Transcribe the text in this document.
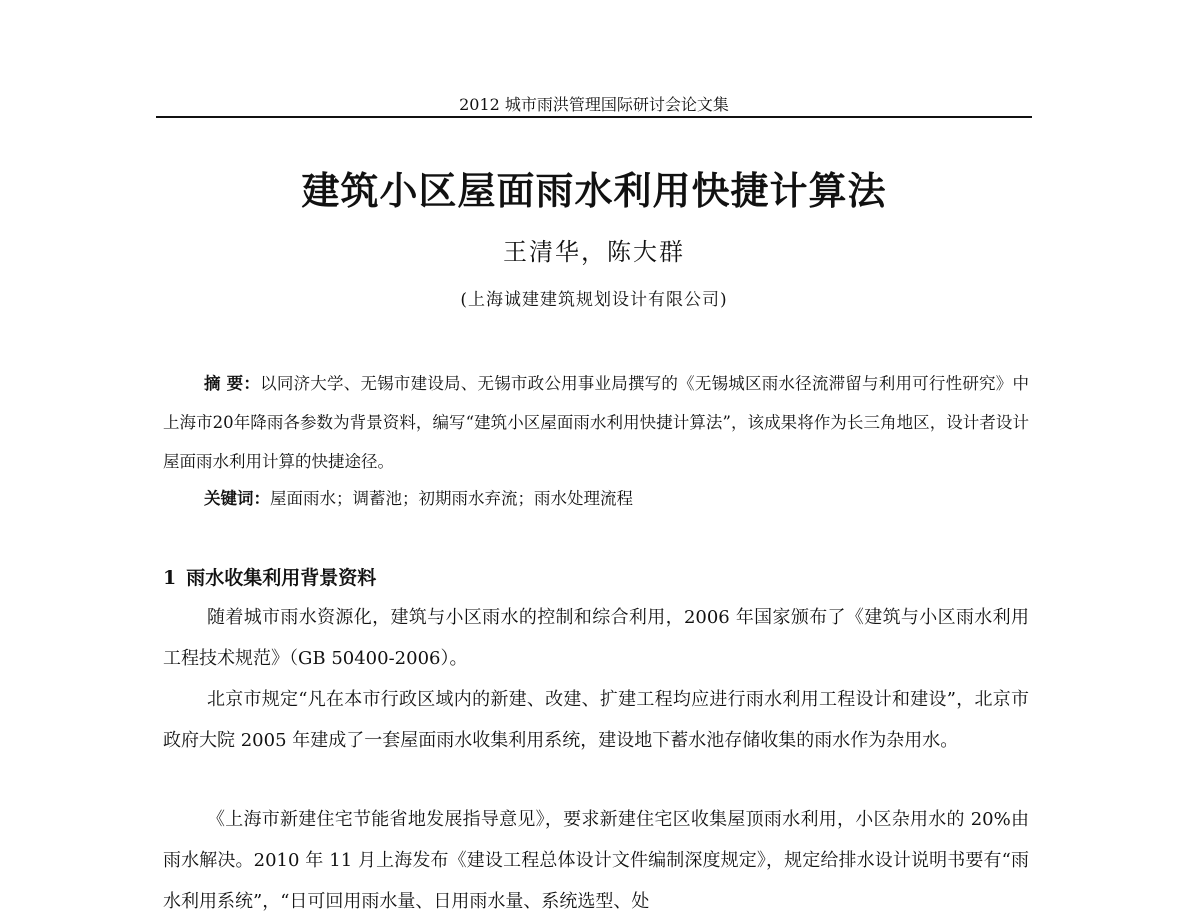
2012 城市雨洪管理国际研讨会论文集
建筑小区屋面雨水利用快捷计算法
王清华，陈大群
(上海诚建建筑规划设计有限公司)

摘 要：以同济大学、无锡市建设局、无锡市政公用事业局撰写的《无锡城区雨水径流滞留与利用可行性研究》中上海市20年降雨各参数为背景资料，编写“建筑小区屋面雨水利用快捷计算法”，该成果将作为长三角地区，设计者设计屋面雨水利用计算的快捷途径。

关键词：屋面雨水；调蓄池；初期雨水弃流；雨水处理流程

1 雨水收集利用背景资料

随着城市雨水资源化，建筑与小区雨水的控制和综合利用，2006 年国家颁布了《建筑与小区雨水利用工程技术规范》（GB 50400-2006）。

北京市规定“凡在本市行政区域内的新建、改建、扩建工程均应进行雨水利用工程设计和建设”，北京市政府大院 2005 年建成了一套屋面雨水收集利用系统，建设地下蓄水池存储收集的雨水作为杂用水。

《上海市新建住宅节能省地发展指导意见》，要求新建住宅区收集屋顶雨水利用，小区杂用水的 20%由雨水解决。2010 年 11 月上海发布《建设工程总体设计文件编制深度规定》，规定给排水设计说明书要有“雨水利用系统”，“日可回用雨水量、日用雨水量、系统选型、处
